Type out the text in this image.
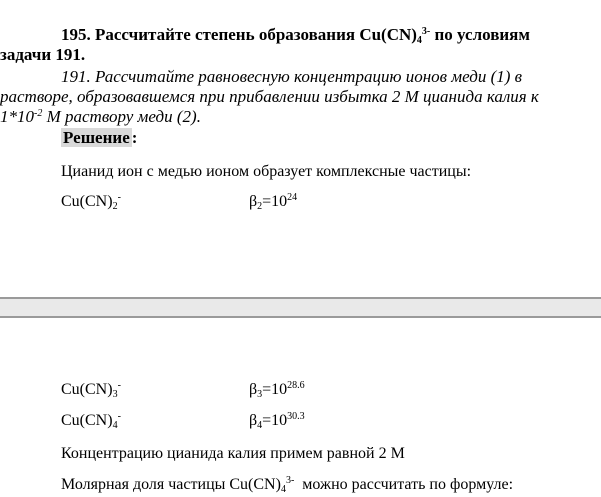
195. Рассчитайте степень образования $Cu(CN)_4^{3-}$ по условиям
задачи 191.
191. Рассчитайте равновесную концентрацию ионов меди (1) в
растворе, образовавшемся при прибавлении избытка 2 М цианида калия к
$1*10^{-2}$ М раствору меди (2).
Решение :
Цианид ион с медью ионом образует комплексные частицы:
$Cu(CN)_2^-$	$\beta_2=10^{24}$
$Cu(CN)_3^-$	$\beta_3=10^{28.6}$
$Cu(CN)_4^-$	$\beta_4=10^{30.3}$
Концентрацию цианида калия примем равной 2 М
Молярная доля частицы $Cu(CN)_4^{3-}$  можно рассчитать по формуле:
